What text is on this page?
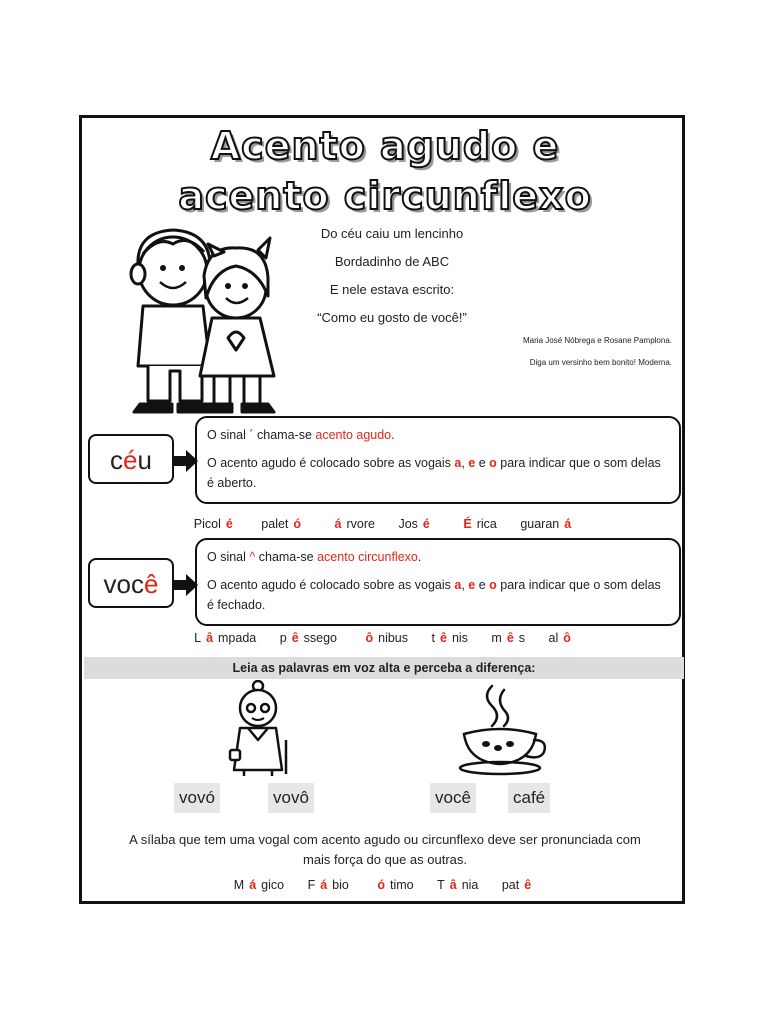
Acento agudo e
acento circunflexo
Do céu caiu um lencinho
Bordadinho de ABC
E nele estava escrito:
“Como eu gosto de você!”
Maria José Nóbrega e Rosane Pamplona.
Diga um versinho bem bonito! Moderna.
céu

O sinal ´ chama-se acento agudo.

O acento agudo é colocado sobre as vogais a, e e o para indicar que o som delas é aberto.

Picol é palet ó	á rvore Jos é	É rica guaran á
você

O sinal ^ chama-se acento circunflexo.

O acento agudo é colocado sobre as vogais a, e e o para indicar que o som delas é fechado.

L â mpada p ê ssego ô nibus t ê nis m ê s al ô
Leia as palavras em voz alta e perceba a diferença:
vovó	vovô	você café
A sílaba que tem uma vogal com acento agudo ou circunflexo deve ser pronunciada com
mais força do que as outras.
M á gico F á bio ó timo T â nia pat ê
